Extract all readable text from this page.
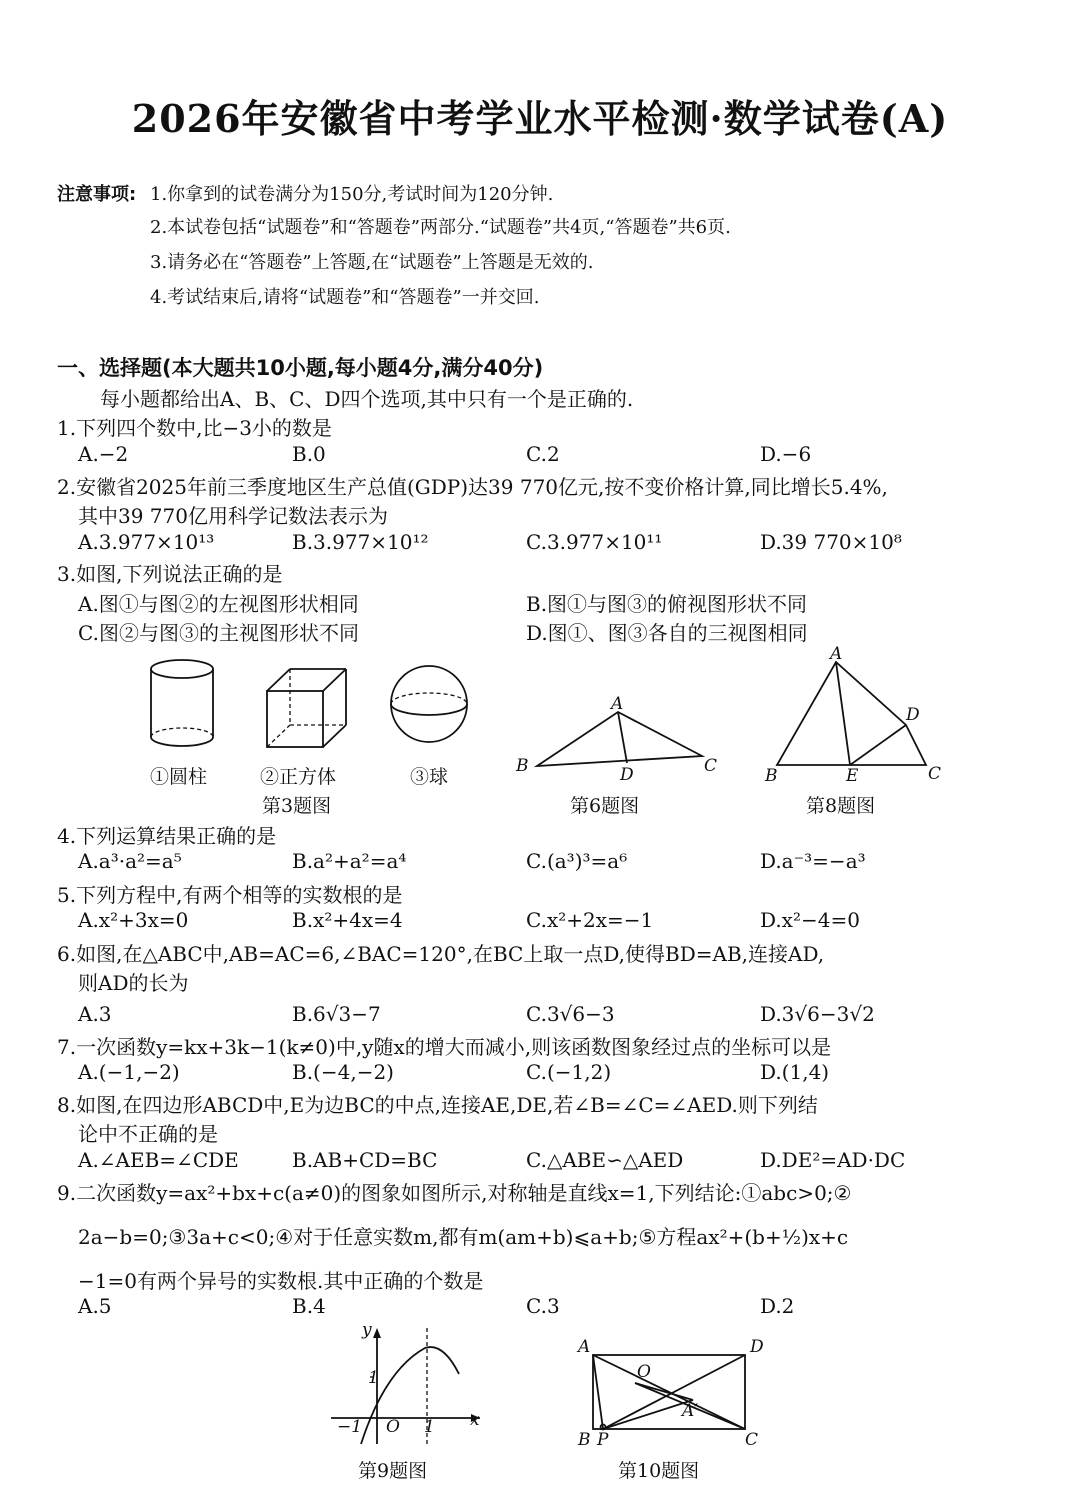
2026年安徽省中考学业水平检测·数学试卷(A)
注意事项: 1.你拿到的试卷满分为150分,考试时间为120分钟.
2.本试卷包括“试题卷”和“答题卷”两部分.“试题卷”共4页,“答题卷”共6页.
3.请务必在“答题卷”上答题,在“试题卷”上答题是无效的.
4.考试结束后,请将“试题卷”和“答题卷”一并交回.
一、选择题(本大题共10小题,每小题4分,满分40分)
每小题都给出A、B、C、D四个选项,其中只有一个是正确的.
1.下列四个数中,比−3小的数是
A.−2	B.0	C.2	D.−6
2.安徽省2025年前三季度地区生产总值(GDP)达39 770亿元,按不变价格计算,同比增长5.4%,
其中39 770亿用科学记数法表示为
A.3.977×10¹³	B.3.977×10¹²	C.3.977×10¹¹	D.39 770×10⁸
3.如图,下列说法正确的是
A.图①与图②的左视图形状相同	B.图①与图③的俯视图形状不同
C.图②与图③的主视图形状不同	D.图①、图③各自的三视图相同
①圆柱	②正方体	③球
第3题图
A
B	C
D
第6题图
A
B	C
D
E
第8题图
4.下列运算结果正确的是
A.a³·a²=a⁵	B.a²+a²=a⁴	C.(a³)³=a⁶	D.a⁻³=−a³
5.下列方程中,有两个相等的实数根的是
A.x²+3x=0	B.x²+4x=4	C.x²+2x=−1	D.x²−4=0
6.如图,在△ABC中,AB=AC=6,∠BAC=120°,在BC上取一点D,使得BD=AB,连接AD,
则AD的长为
A.3	B.6√3−7	C.3√6−3	D.3√6−3√2
7.一次函数y=kx+3k−1(k≠0)中,y随x的增大而减小,则该函数图象经过点的坐标可以是
A.(−1,−2)	B.(−4,−2)	C.(−1,2)	D.(1,4)
8.如图,在四边形ABCD中,E为边BC的中点,连接AE,DE,若∠B=∠C=∠AED.则下列结
论中不正确的是
A.∠AEB=∠CDE	B.AB+CD=BC	C.△ABE∽△AED	D.DE²=AD·DC
9.二次函数y=ax²+bx+c(a≠0)的图象如图所示,对称轴是直线x=1,下列结论:①abc>0;②
2a−b=0;③3a+c<0;④对于任意实数m,都有m(am+b)⩽a+b;⑤方程ax²+(b+½)x+c
−1=0有两个异号的实数根.其中正确的个数是
A.5	B.4	C.3	D.2
y
x
O 1
−1
1
第9题图
A	D
O
A′
B P	C
第10题图
